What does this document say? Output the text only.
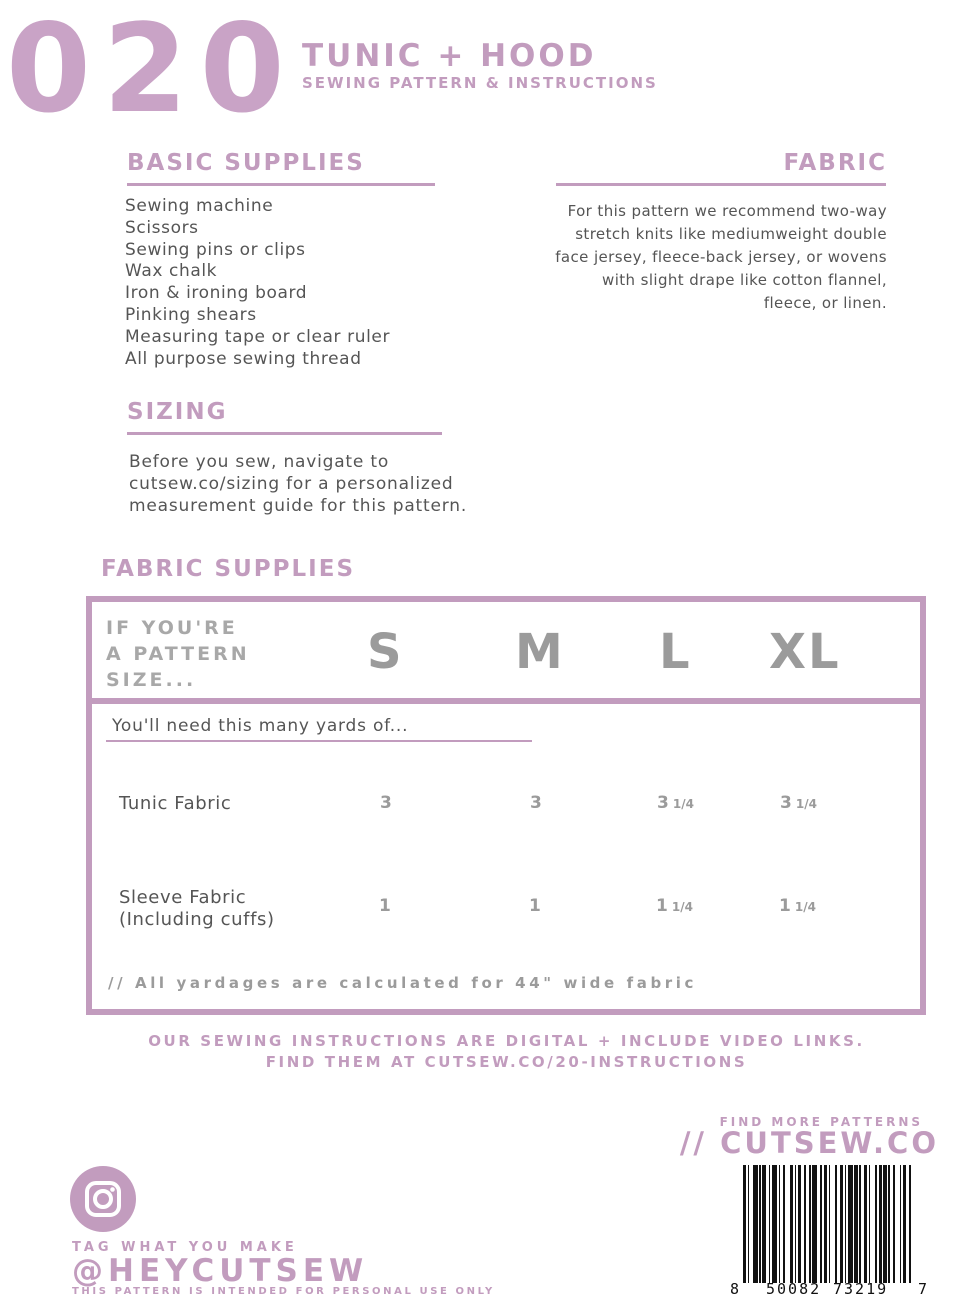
020 TUNIC + HOOD
SEWING PATTERN & INSTRUCTIONS
BASIC SUPPLIES
Sewing machine
Scissors
Sewing pins or clips
Wax chalk
Iron & ironing board
Pinking shears
Measuring tape or clear ruler
All purpose sewing thread
FABRIC
For this pattern we recommend two-way
stretch knits like mediumweight double
face jersey, fleece-back jersey, or wovens
with slight drape like cotton flannel,
fleece, or linen.
SIZING
Before you sew, navigate to
cutsew.co/sizing for a personalized
measurement guide for this pattern.
FABRIC SUPPLIES
IF YOU'RE
A PATTERN
SIZE...	S M L XL
You'll need this many yards of...
Tunic Fabric	3	3	3 1/4	3 1/4
Sleeve Fabric
(Including cuffs)
1	1	1 1/4	1 1/4
// All yardages are calculated for 44" wide fabric
OUR SEWING INSTRUCTIONS ARE DIGITAL + INCLUDE VIDEO LINKS.
FIND THEM AT CUTSEW.CO/20-INSTRUCTIONS
FIND MORE PATTERNS
// CUTSEW.CO
8 50082 73219 7
TAG WHAT YOU MAKE
@HEYCUTSEW
THIS PATTERN IS INTENDED FOR PERSONAL USE ONLY
